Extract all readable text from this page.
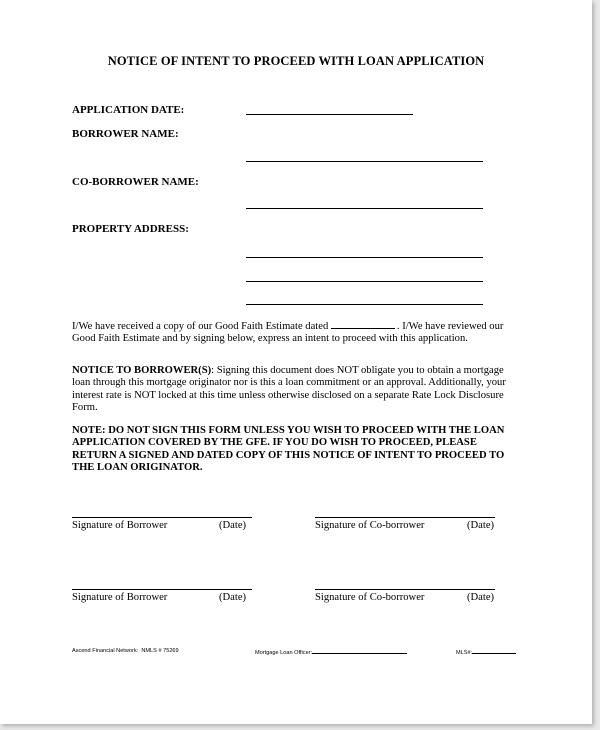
NOTICE OF INTENT TO PROCEED WITH LOAN APPLICATION
APPLICATION DATE:
BORROWER NAME:
CO-BORROWER NAME:
PROPERTY ADDRESS:
I/We have received a copy of our Good Faith Estimate dated	. I/We have reviewed our Good Faith Estimate and by signing below, express an intent to proceed with this application.
NOTICE TO BORROWER(S): Signing this document does NOT obligate you to obtain a mortgage loan through this mortgage originator nor is this a loan commitment or an approval. Additionally, your interest rate is NOT locked at this time unless otherwise disclosed on a separate Rate Lock Disclosure Form.
NOTE: DO NOT SIGN THIS FORM UNLESS YOU WISH TO PROCEED WITH THE LOAN APPLICATION COVERED BY THE GFE. IF YOU DO WISH TO PROCEED, PLEASE RETURN A SIGNED AND DATED COPY OF THIS NOTICE OF INTENT TO PROCEED TO THE LOAN ORIGINATOR.
Signature of Borrower	(Date)	Signature of Co-borrower	(Date)
Signature of Borrower	(Date)	Signature of Co-borrower	(Date)
Ascend Financial Network: NMLS # 75269	Mortgage Loan Officer:	MLS#:
